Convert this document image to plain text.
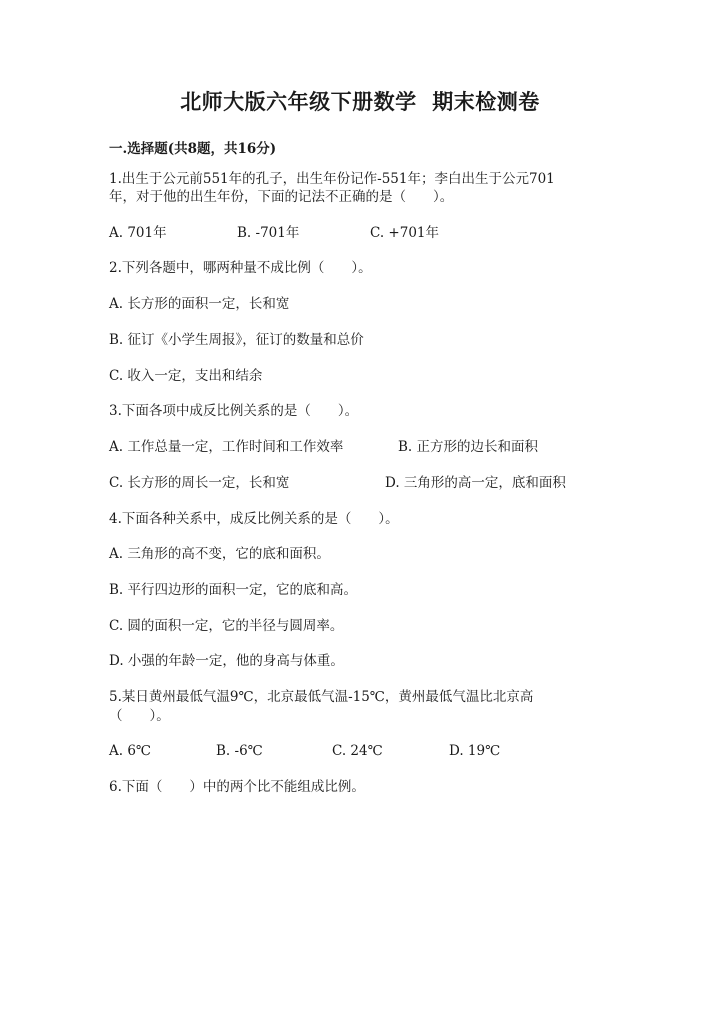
北师大版六年级下册数学  期末检测卷
一.选择题(共8题，共16分)
1.出生于公元前551年的孔子，出生年份记作-551年；李白出生于公元701
年，对于他的出生年份，下面的记法不正确的是（　　）。
A. 701年	B. -701年	C. +701年
2.下列各题中，哪两种量不成比例（　　）。
A. 长方形的面积一定，长和宽
B. 征订《小学生周报》，征订的数量和总价
C. 收入一定，支出和结余
3.下面各项中成反比例关系的是（　　）。
A. 工作总量一定，工作时间和工作效率	B. 正方形的边长和面积
C. 长方形的周长一定，长和宽	D. 三角形的高一定，底和面积
4.下面各种关系中，成反比例关系的是（　　）。
A. 三角形的高不变，它的底和面积。
B. 平行四边形的面积一定，它的底和高。
C. 圆的面积一定，它的半径与圆周率。
D. 小强的年龄一定，他的身高与体重。
5.某日黄州最低气温9℃，北京最低气温-15℃，黄州最低气温比北京高
（　　）。
A. 6℃	B. -6℃	C. 24℃	D. 19℃
6.下面（　　）中的两个比不能组成比例。
